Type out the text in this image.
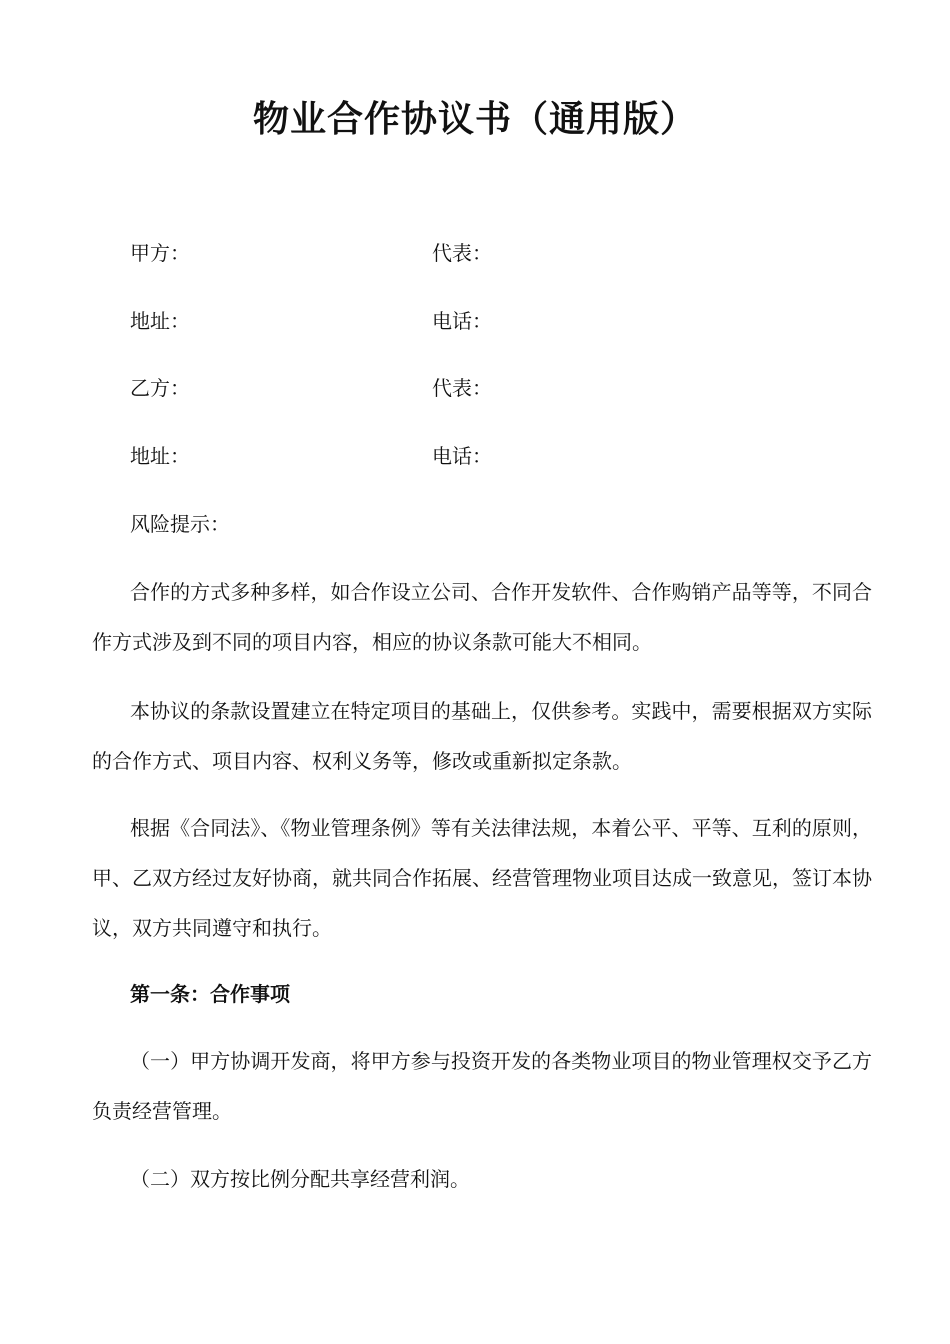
物业合作协议书（通用版）
甲方：	代表：
地址：	电话：
乙方：	代表：
地址：	电话：
风险提示：

合作的方式多种多样，如合作设立公司、合作开发软件、合作购销产品等等，不同合作方式涉及到不同的项目内容，相应的协议条款可能大不相同。

本协议的条款设置建立在特定项目的基础上，仅供参考。实践中，需要根据双方实际的合作方式、项目内容、权利义务等，修改或重新拟定条款。

根据《合同法》、《物业管理条例》等有关法律法规，本着公平、平等、互利的原则，甲、乙双方经过友好协商，就共同合作拓展、经营管理物业项目达成一致意见，签订本协议，双方共同遵守和执行。

第一条：合作事项

（一）甲方协调开发商，将甲方参与投资开发的各类物业项目的物业管理权交予乙方负责经营管理。

（二）双方按比例分配共享经营利润。
